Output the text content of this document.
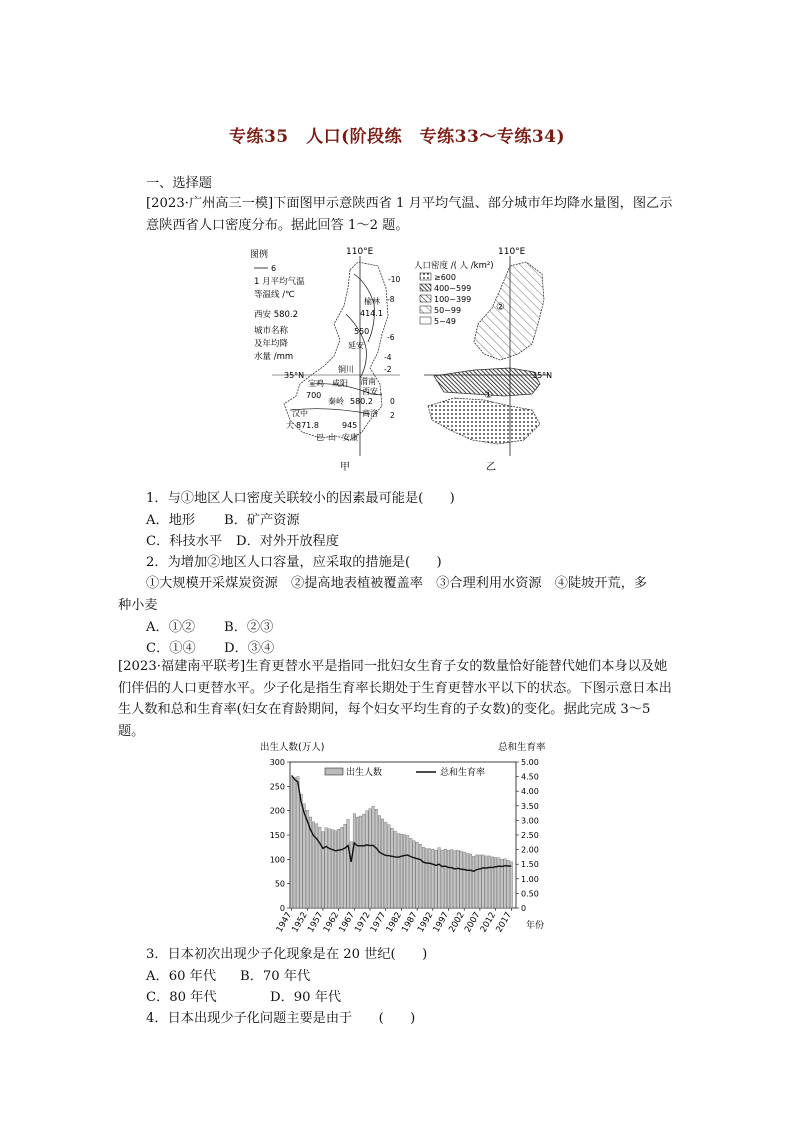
专练35　人口(阶段练　专练33～专练34)
一、选择题
[2023·广州高三一模]下面图甲示意陕西省 1 月平均气温、部分城市年均降水量图，图乙示意陕西省人口密度分布。据此回答 1～2 题。
110°E
图例
6
1 月平均气温
等温线 /℃
西安 580.2
城市名称
及年均降
水量 /mm
-10
-8
-6
-4
-2
0
2
35°N
榆林
414.1
550
延安
铜川
渭南
宝鸡 咸阳
西安
700
秦岭 580.2
汉中	商洛
871.8	945
大
巴 山 安康
甲
110°E
35°N
①
②
人口密度 /( 人 /km²)
≥600
400~599
100~399
50~99
5~49
乙
1．与①地区人口密度关联较小的因素最可能是(　　)
A．地形 B．矿产资源
C．科技水平 D．对外开放程度
2．为增加②地区人口容量，应采取的措施是(　　)
①大规模开采煤炭资源　②提高地表植被覆盖率　③合理利用水资源　④陡坡开荒，多
种小麦
A．①② B．②③
C．①④ D．③④
[2023·福建南平联考]生育更替水平是指同一批妇女生育子女的数量恰好能替代她们本身以及她们伴侣的人口更替水平。少子化是指生育率长期处于生育更替水平以下的状态。下图示意日本出生人数和总和生育率(妇女在育龄期间，每个妇女平均生育的子女数)的变化。据此完成 3～5 题。
出生人数(万人)	总和生育率
0
50
100
150
200
250
300
0
0.50
1.00
1.50
2.00
2.50
3.00
3.50
4.00
4.50
5.00
1947
1952
1957
1962
1967
1972
1977
1982
1987
1992
1997
2002
2007
2012
2017
出生人数	总和生育率
年份
3．日本初次出现少子化现象是在 20 世纪(　　)
A．60 年代 B．70 年代
C．80 年代	D．90 年代
4．日本出现少子化问题主要是由于　　(　　)
